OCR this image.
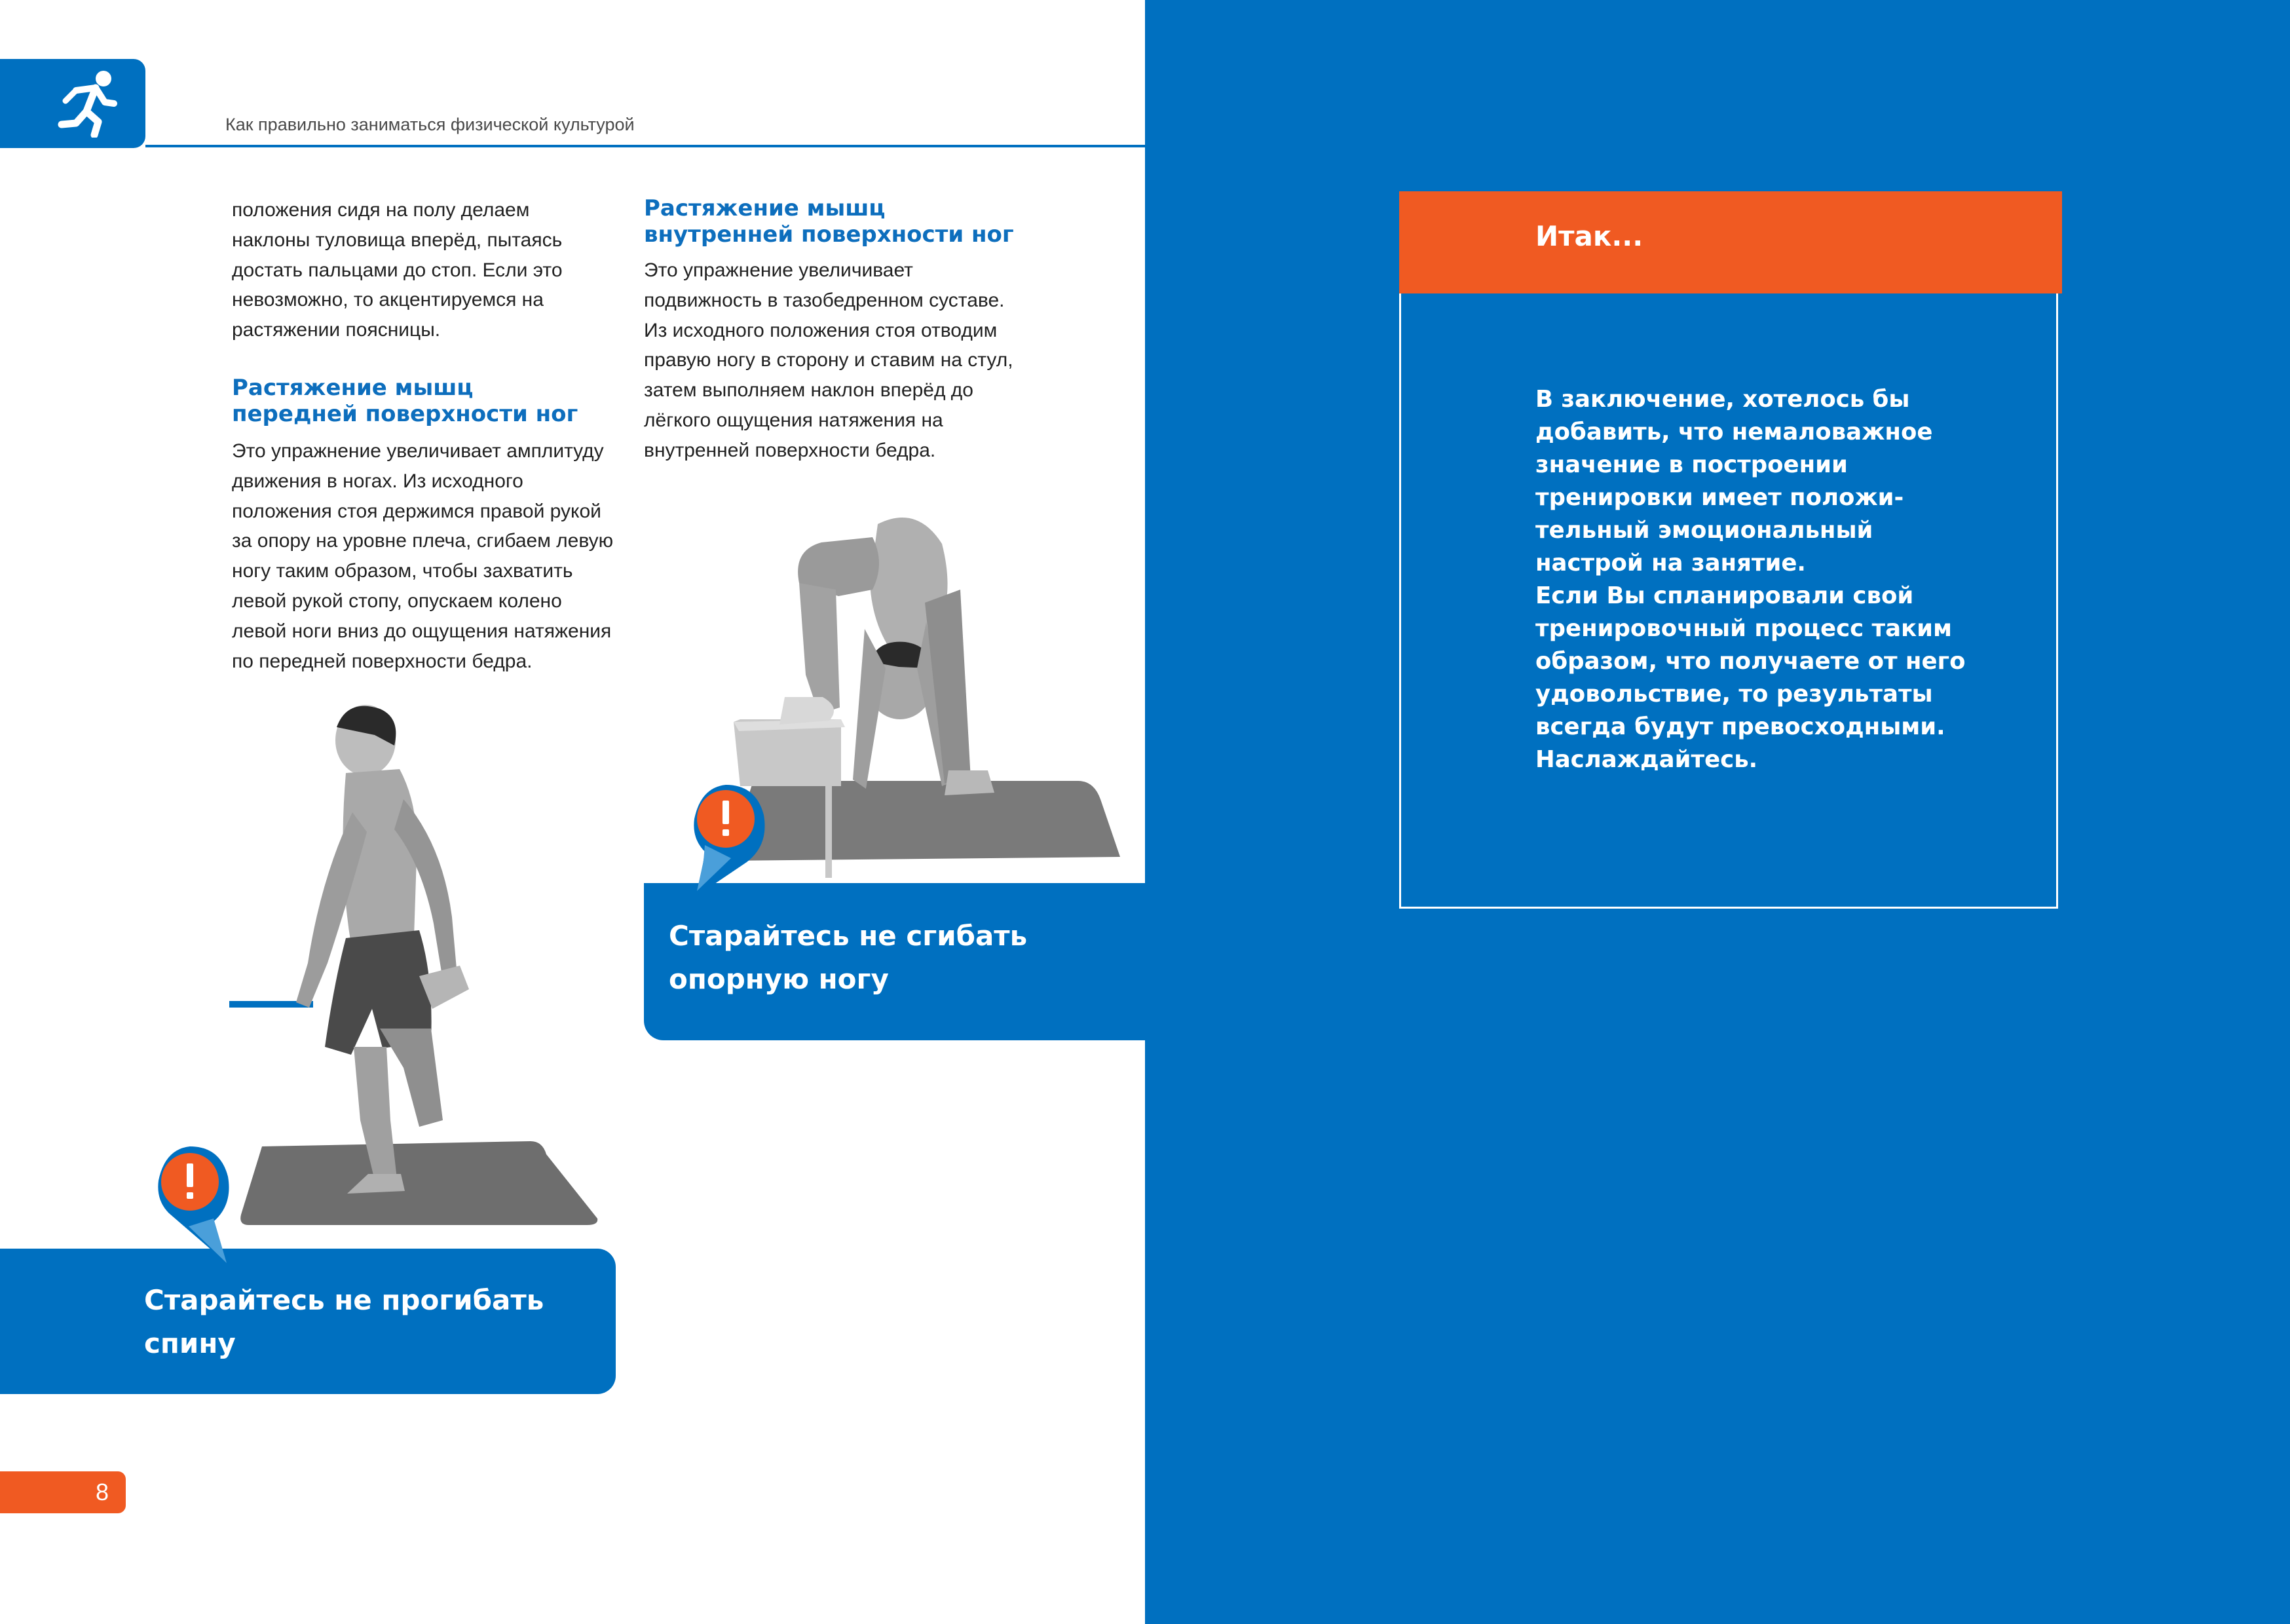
Как правильно заниматься физической культурой
положения сидя на полу делаем
наклоны туловища вперёд, пытаясь
достать пальцами до стоп. Если это
невозможно, то акцентируемся на
растяжении поясницы.
Растяжение мышц
передней поверхности ног
Это упражнение увеличивает амплитуду
движения в ногах. Из исходного
положения стоя держимся правой рукой
за опору на уровне плеча, сгибаем левую
ногу таким образом, чтобы захватить
левой рукой стопу, опускаем колено
левой ноги вниз до ощущения натяжения
по передней поверхности бедра.
Растяжение мышц
внутренней поверхности ног
Это упражнение увеличивает
подвижность в тазобедренном суставе.
Из исходного положения стоя отводим
правую ногу в сторону и ставим на стул,
затем выполняем наклон вперёд до
лёгкого ощущения натяжения на
внутренней поверхности бедра.
Старайтесь не сгибать
опорную ногу
Старайтесь не прогибать
спину
8
Итак...

В заключение, хотелось бы

добавить, что немаловажное

значение в построении

тренировки имеет положи-

тельный эмоциональный

настрой на занятие.

Если Вы спланировали свой

тренировочный процесс таким

образом, что получаете от него

удовольствие, то результаты

всегда будут превосходными.

Наслаждайтесь.
